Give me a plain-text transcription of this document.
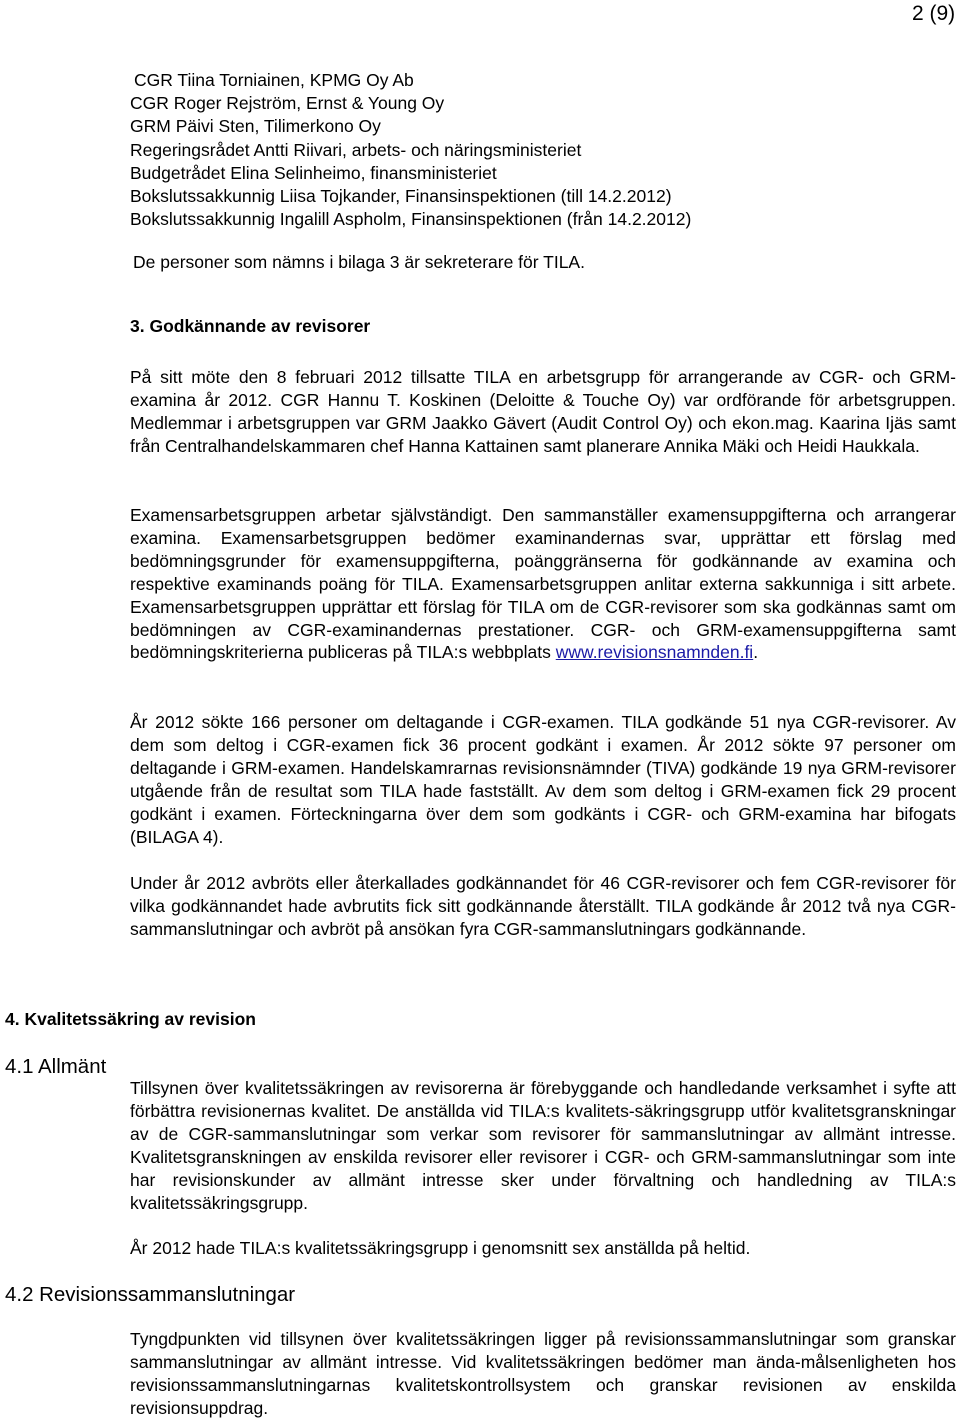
2 (9)
CGR Tiina Torniainen, KPMG Oy Ab
CGR Roger Rejström, Ernst & Young Oy
GRM Päivi Sten, Tilimerkono Oy
Regeringsrådet Antti Riivari, arbets- och näringsministeriet
Budgetrådet Elina Selinheimo, finansministeriet
Bokslutssakkunnig Liisa Tojkander, Finansinspektionen (till 14.2.2012)
Bokslutssakkunnig Ingalill Aspholm, Finansinspektionen (från 14.2.2012)
De personer som nämns i bilaga 3 är sekreterare för TILA.
3. Godkännande av revisorer

På sitt möte den 8 februari 2012 tillsatte TILA en arbetsgrupp för arrangerande av CGR- och GRM-examina år 2012. CGR Hannu T. Koskinen (Deloitte & Touche Oy) var ordförande för arbetsgruppen. Medlemmar i arbetsgruppen var GRM Jaakko Gävert (Audit Control Oy) och ekon.mag. Kaarina Ijäs samt från Centralhandelskammaren chef Hanna Kattainen samt planerare Annika Mäki och Heidi Haukkala.

Examensarbetsgruppen arbetar självständigt. Den sammanställer examensuppgifterna och arrangerar examina. Examensarbetsgruppen bedömer examinandernas svar, upprättar ett förslag med bedömningsgrunder för examensuppgifterna, poänggränserna för godkännande av examina och respektive examinands poäng för TILA. Examensarbetsgruppen anlitar externa sakkunniga i sitt arbete. Examensarbetsgruppen upprättar ett förslag för TILA om de CGR-revisorer som ska godkännas samt om bedömningen av CGR-examinandernas prestationer. CGR- och GRM-examensuppgifterna samt bedömningskriterierna publiceras på TILA:s webbplats www.revisionsnamnden.fi.

År 2012 sökte 166 personer om deltagande i CGR-examen. TILA godkände 51 nya CGR-revisorer. Av dem som deltog i CGR-examen fick 36 procent godkänt i examen. År 2012 sökte 97 personer om deltagande i GRM-examen. Handelskamrarnas revisionsnämnder (TIVA) godkände 19 nya GRM-revisorer utgående från de resultat som TILA hade fastställt. Av dem som deltog i GRM-examen fick 29 procent godkänt i examen. Förteckningarna över dem som godkänts i CGR- och GRM-examina har bifogats (BILAGA 4).

Under år 2012 avbröts eller återkallades godkännandet för 46 CGR-revisorer och fem CGR-revisorer för vilka godkännandet hade avbrutits fick sitt godkännande återställt. TILA godkände år 2012 två nya CGR-sammanslutningar och avbröt på ansökan fyra CGR-sammanslutningars godkännande.

4. Kvalitetssäkring av revision
4.1 Allmänt

Tillsynen över kvalitetssäkringen av revisorerna är förebyggande och handledande verksamhet i syfte att förbättra revisionernas kvalitet. De anställda vid TILA:s kvalitets-säkringsgrupp utför kvalitetsgranskningar av de CGR-sammanslutningar som verkar som revisorer för sammanslutningar av allmänt intresse. Kvalitetsgranskningen av enskilda revisorer eller revisorer i CGR- och GRM-sammanslutningar som inte har revisionskunder av allmänt intresse sker under förvaltning och handledning av TILA:s kvalitetssäkringsgrupp.

År 2012 hade TILA:s kvalitetssäkringsgrupp i genomsnitt sex anställda på heltid.

4.2 Revisionssammanslutningar

Tyngdpunkten vid tillsynen över kvalitetssäkringen ligger på revisionssammanslutningar som granskar sammanslutningar av allmänt intresse. Vid kvalitetssäkringen bedömer man ända-målsenligheten hos revisionssammanslutningarnas kvalitetskontrollsystem och granskar revisionen av enskilda revisionsuppdrag.
